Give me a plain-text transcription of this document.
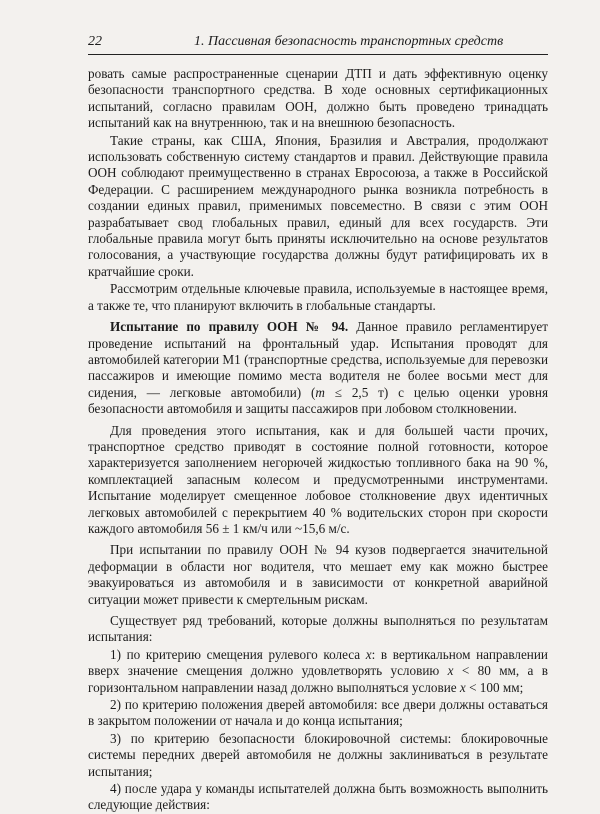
22	1. Пассивная безопасность транспортных средств

ровать самые распространенные сценарии ДТП и дать эффективную оценку безопасности транспортного средства. В ходе основных сертификационных испытаний, согласно правилам ООН, должно быть проведено тринадцать испытаний как на внутреннюю, так и на внешнюю безопасность.

Такие страны, как США, Япония, Бразилия и Австралия, продолжают использовать собственную систему стандартов и правил. Действующие правила ООН соблюдают преимущественно в странах Евросоюза, а также в Российской Федерации. С расширением международного рынка возникла потребность в создании единых правил, применимых повсеместно. В связи с этим ООН разрабатывает свод глобальных правил, единый для всех государств. Эти глобальные правила могут быть приняты исключительно на основе результатов голосования, а участвующие государства должны будут ратифицировать их в кратчайшие сроки.

Рассмотрим отдельные ключевые правила, используемые в настоящее время, а также те, что планируют включить в глобальные стандарты.

Испытание по правилу ООН № 94. Данное правило регламентирует проведение испытаний на фронтальный удар. Испытания проводят для автомобилей категории М1 (транспортные средства, используемые для перевозки пассажиров и имеющие помимо места водителя не более восьми мест для сидения, — легковые автомобили) (m ≤ 2,5 т) с целью оценки уровня безопасности автомобиля и защиты пассажиров при лобовом столкновении.

Для проведения этого испытания, как и для большей части прочих, транспортное средство приводят в состояние полной готовности, которое характеризуется заполнением негорючей жидкостью топливного бака на 90 %, комплектацией запасным колесом и предусмотренными инструментами. Испытание моделирует смещенное лобовое столкновение двух идентичных легковых автомобилей с перекрытием 40 % водительских сторон при скорости каждого автомобиля 56 ± 1 км/ч или ~15,6 м/с.

При испытании по правилу ООН № 94 кузов подвергается значительной деформации в области ног водителя, что мешает ему как можно быстрее эвакуироваться из автомобиля и в зависимости от конкретной аварийной ситуации может привести к смертельным рискам.

Существует ряд требований, которые должны выполняться по результатам испытания:

1) по критерию смещения рулевого колеса x: в вертикальном направлении вверх значение смещения должно удовлетворять условию x < 80 мм, а в горизонтальном направлении назад должно выполняться условие x < 100 мм;

2) по критерию положения дверей автомобиля: все двери должны оставаться в закрытом положении от начала и до конца испытания;

3) по критерию безопасности блокировочной системы: блокировочные системы передних дверей автомобиля не должны заклиниваться в результате испытания;

4) после удара у команды испытателей должна быть возможность выполнить следующие действия:
